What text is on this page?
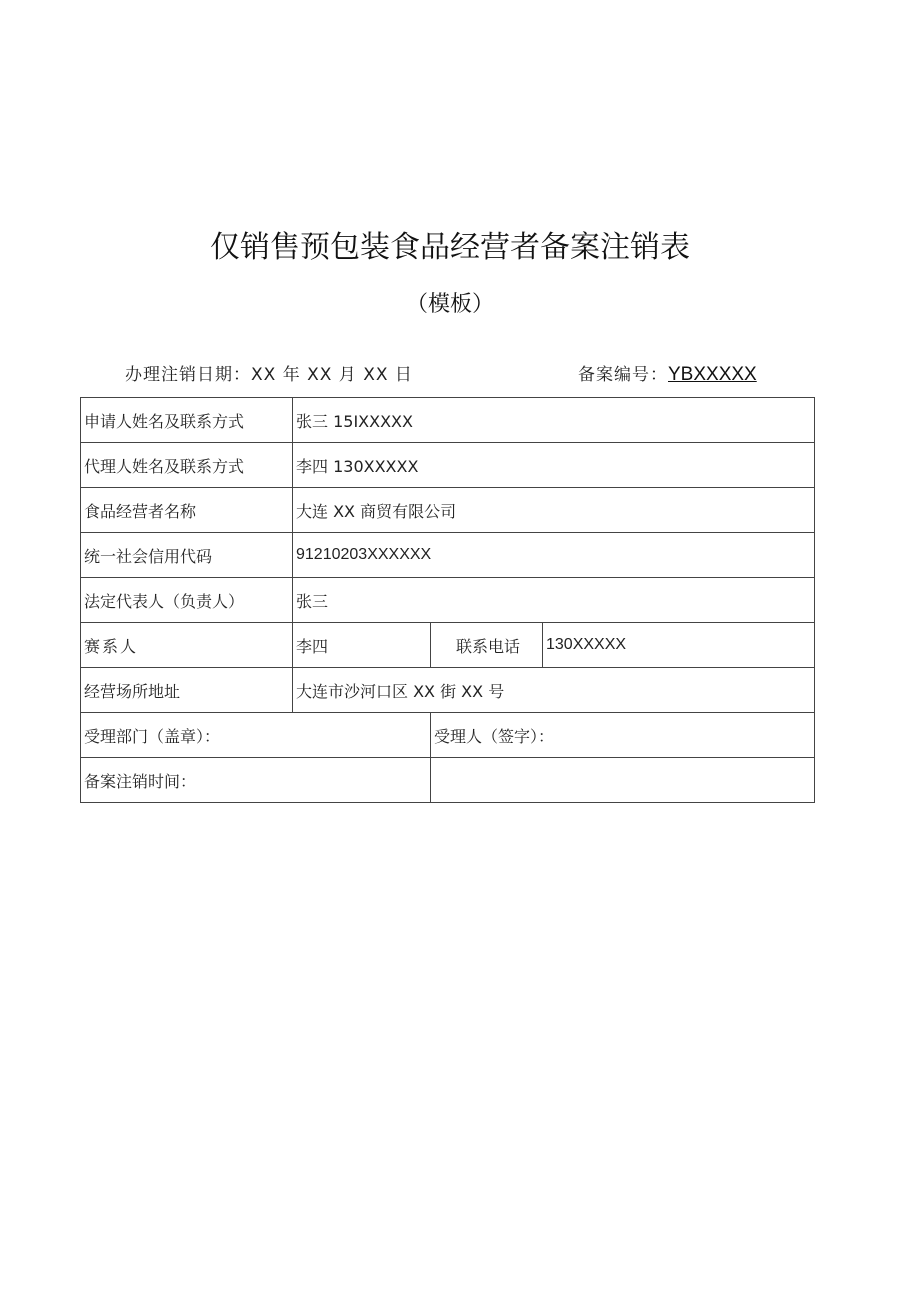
仅销售预包装食品经营者备案注销表
（模板）
办理注销日期：XX 年 XX 月 XX 日	备案编号：YBXXXXX
申请人姓名及联系方式	张三 15IXXXXX		
代理人姓名及联系方式	李四 130XXXXX		
食品经营者名称	大连 XX 商贸有限公司		
统一社会信用代码	91210203XXXXXX		
法定代表人（负责人）	张三		
赛系人	李四	联系电话	130XXXXX
经营场所地址	大连市沙河口区 XX 街 XX 号		
受理部门（盖章）：		受理人（签字）：	
备案注销时间：			
